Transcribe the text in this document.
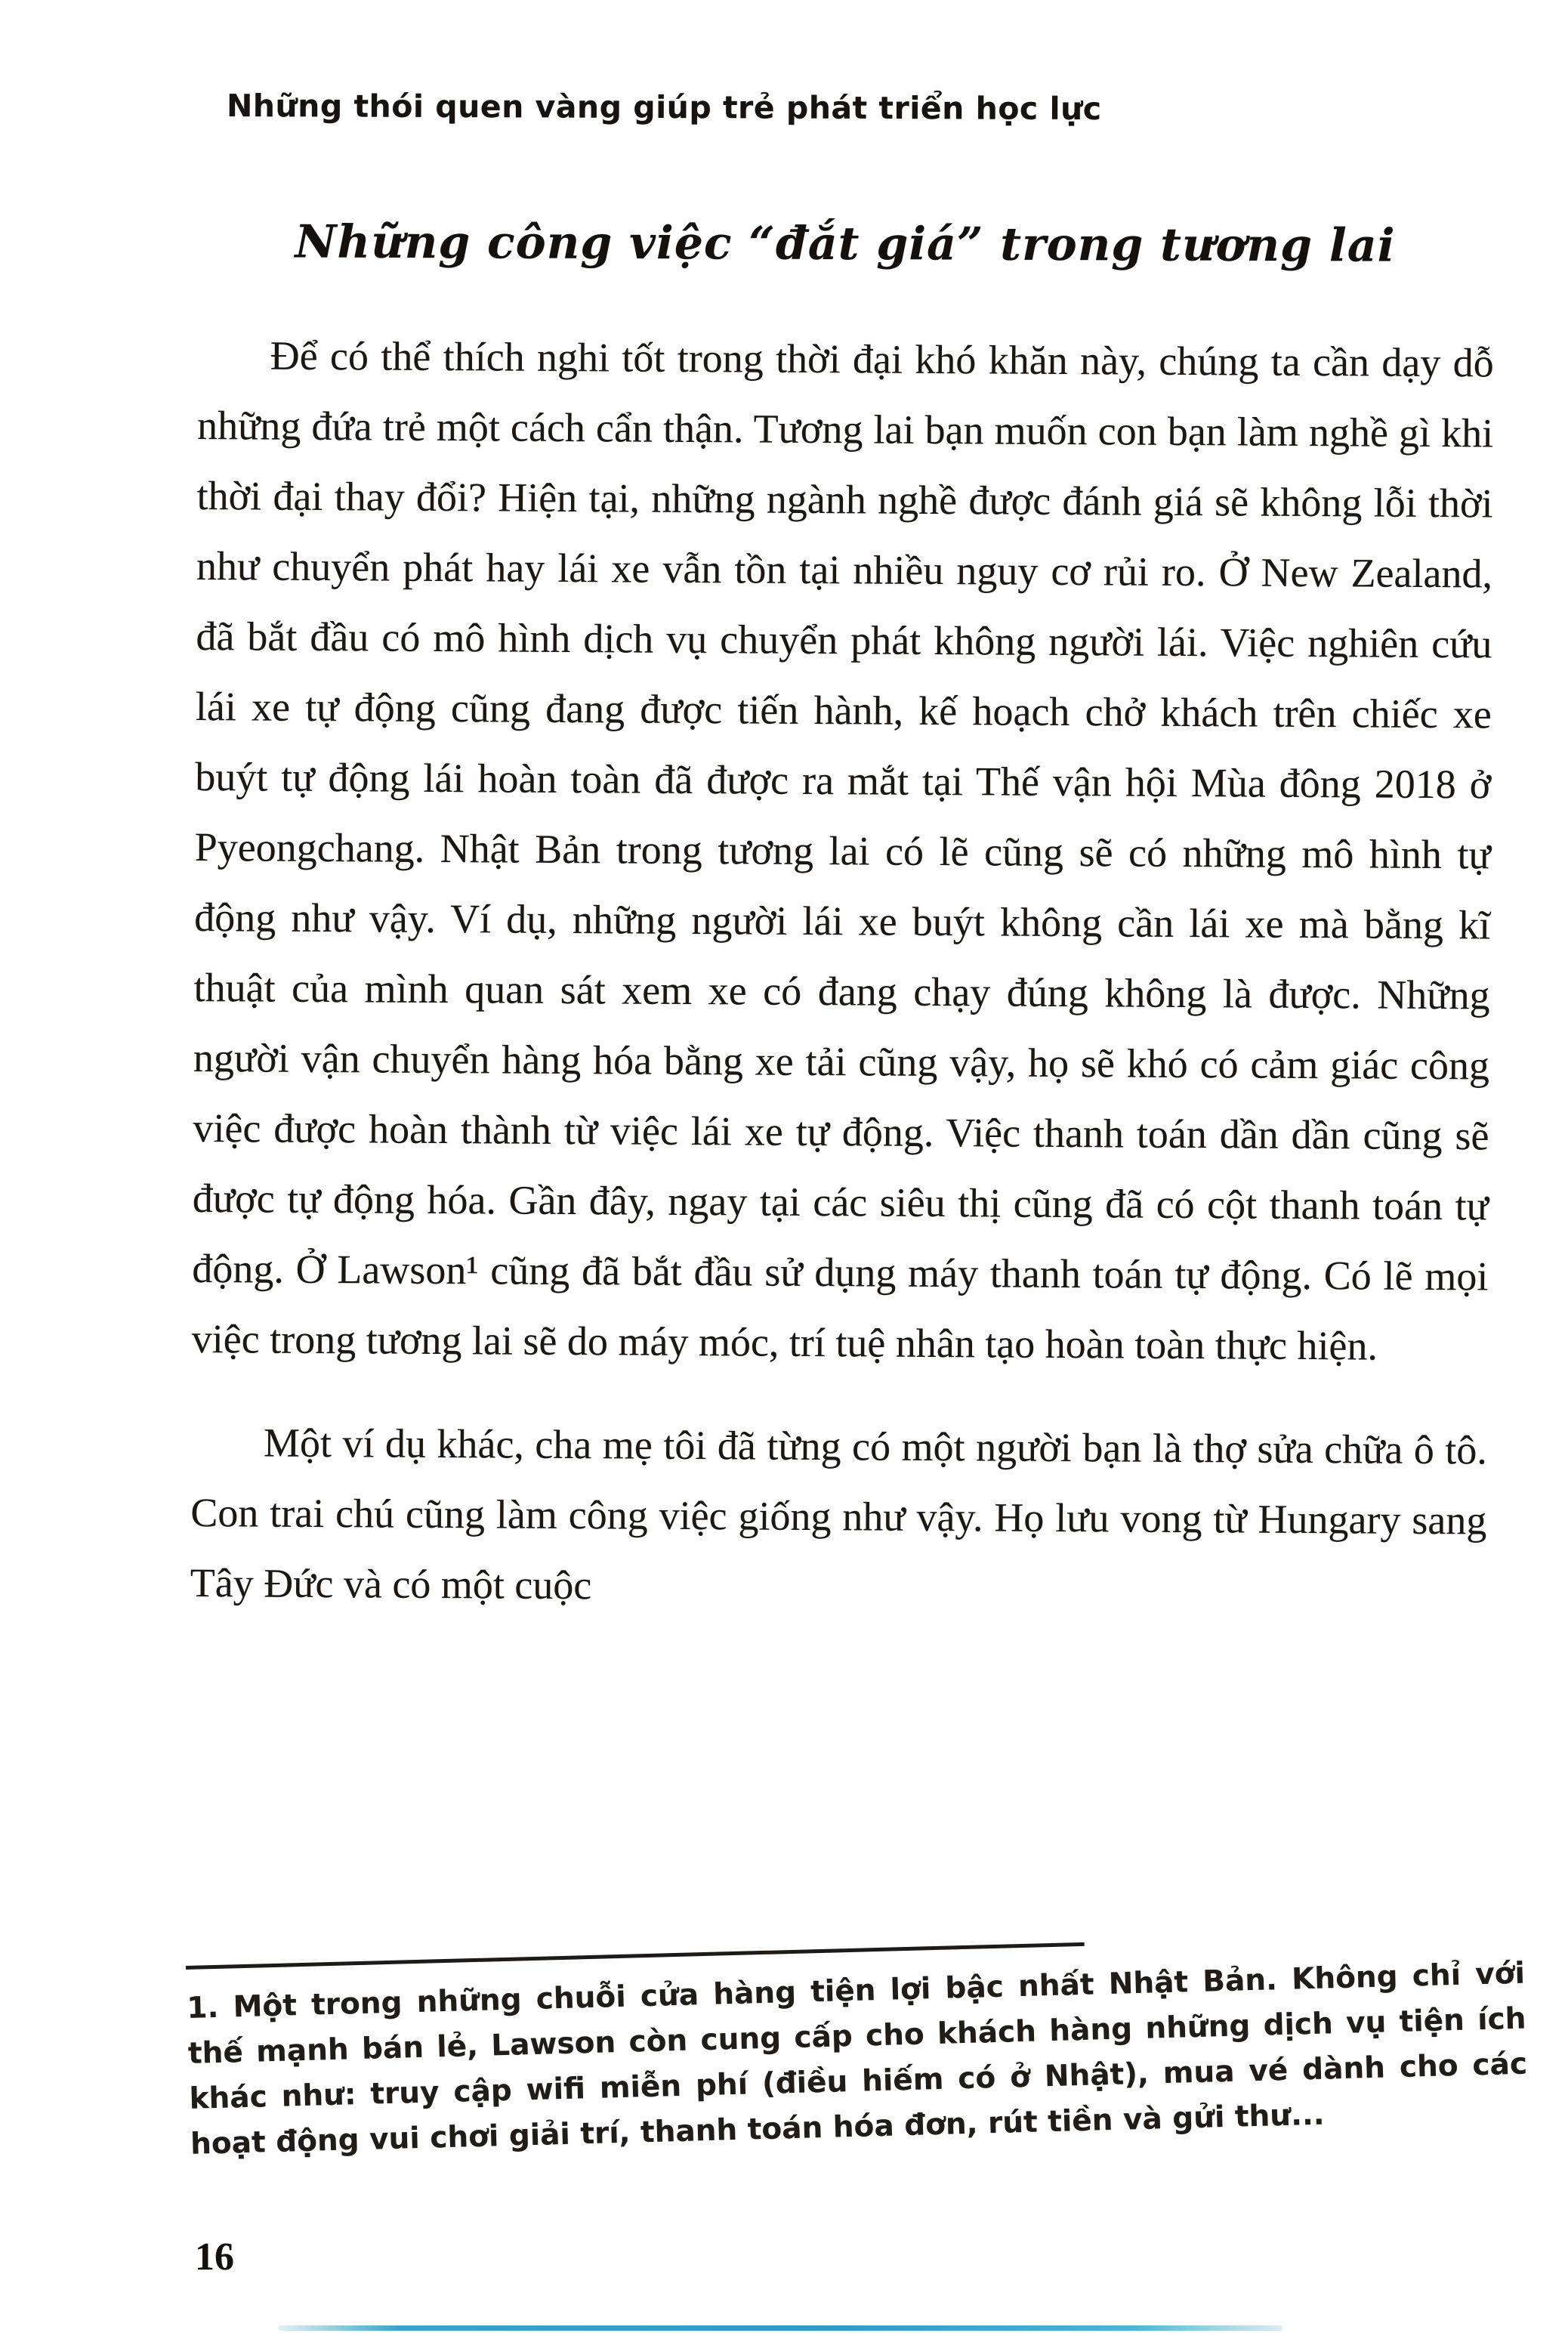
Những thói quen vàng giúp trẻ phát triển học lực
Những công việc “đắt giá” trong tương lai

Để có thể thích nghi tốt trong thời đại khó khăn này, chúng ta cần dạy dỗ những đứa trẻ một cách cẩn thận. Tương lai bạn muốn con bạn làm nghề gì khi thời đại thay đổi? Hiện tại, những ngành nghề được đánh giá sẽ không lỗi thời như chuyển phát hay lái xe vẫn tồn tại nhiều nguy cơ rủi ro. Ở New Zealand, đã bắt đầu có mô hình dịch vụ chuyển phát không người lái. Việc nghiên cứu lái xe tự động cũng đang được tiến hành, kế hoạch chở khách trên chiếc xe buýt tự động lái hoàn toàn đã được ra mắt tại Thế vận hội Mùa đông 2018 ở Pyeongchang. Nhật Bản trong tương lai có lẽ cũng sẽ có những mô hình tự động như vậy. Ví dụ, những người lái xe buýt không cần lái xe mà bằng kĩ thuật của mình quan sát xem xe có đang chạy đúng không là được. Những người vận chuyển hàng hóa bằng xe tải cũng vậy, họ sẽ khó có cảm giác công việc được hoàn thành từ việc lái xe tự động. Việc thanh toán dần dần cũng sẽ được tự động hóa. Gần đây, ngay tại các siêu thị cũng đã có cột thanh toán tự động. Ở Lawson¹ cũng đã bắt đầu sử dụng máy thanh toán tự động. Có lẽ mọi việc trong tương lai sẽ do máy móc, trí tuệ nhân tạo hoàn toàn thực hiện.

Một ví dụ khác, cha mẹ tôi đã từng có một người bạn là thợ sửa chữa ô tô. Con trai chú cũng làm công việc giống như vậy. Họ lưu vong từ Hungary sang Tây Đức và có một cuộc

1. Một trong những chuỗi cửa hàng tiện lợi bậc nhất Nhật Bản. Không chỉ với thế mạnh bán lẻ, Lawson còn cung cấp cho khách hàng những dịch vụ tiện ích khác như: truy cập wifi miễn phí (điều hiếm có ở Nhật), mua vé dành cho các hoạt động vui chơi giải trí, thanh toán hóa đơn, rút tiền và gửi thư...

16
